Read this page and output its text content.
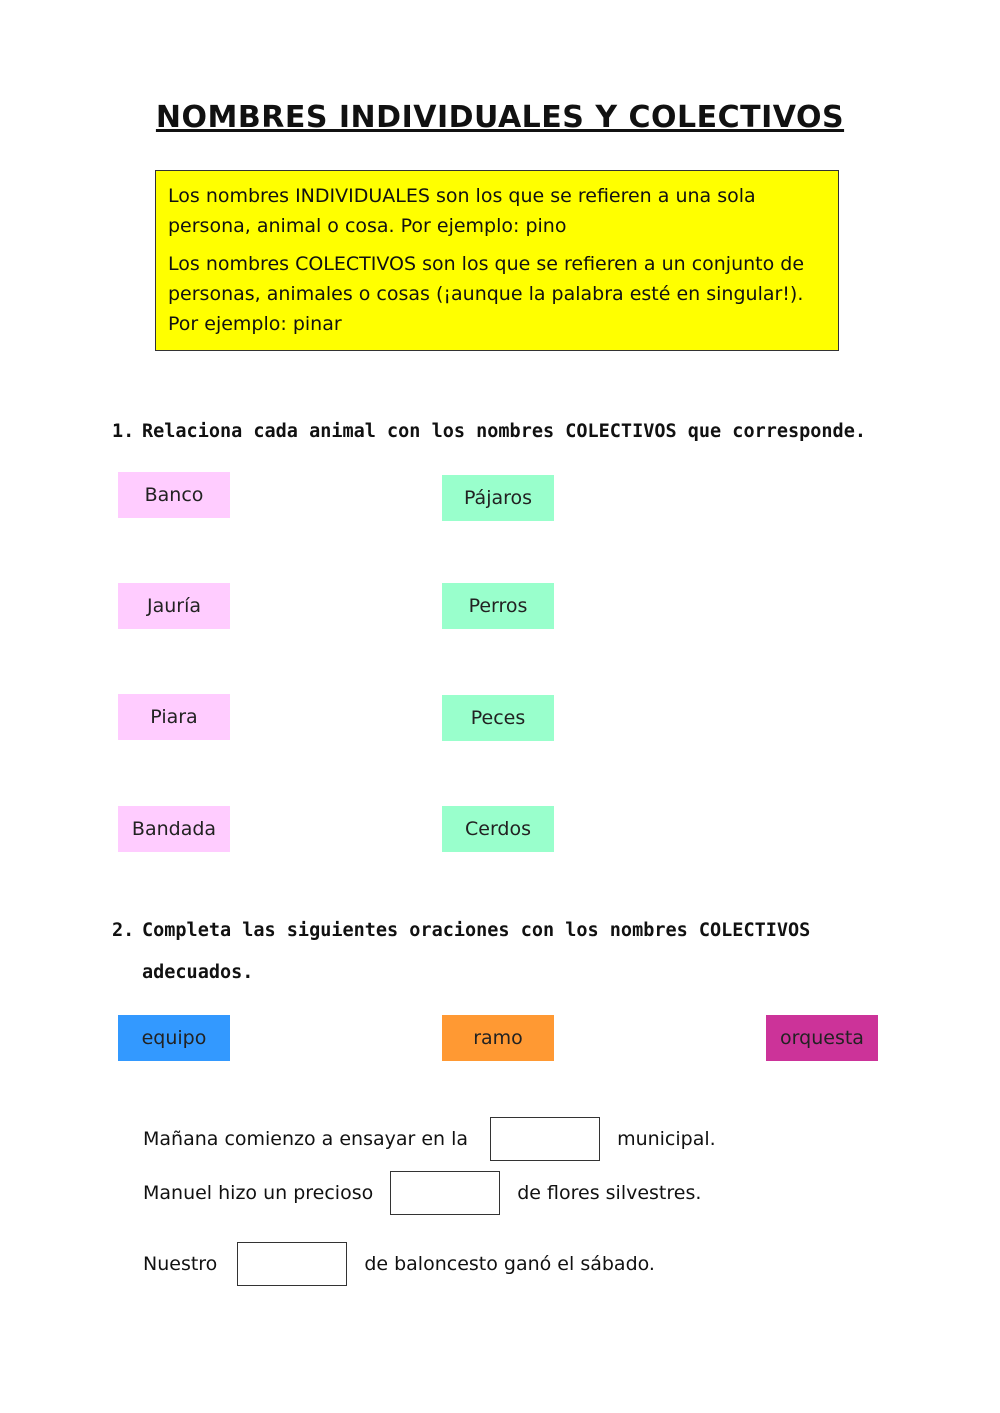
NOMBRES INDIVIDUALES Y COLECTIVOS

Los nombres INDIVIDUALES son los que se refieren a una sola persona, animal o cosa. Por ejemplo: pino

Los nombres COLECTIVOS son los que se refieren a un conjunto de personas, animales o cosas (¡aunque la palabra esté en singular!). Por ejemplo: pinar

1. Relaciona cada animal con los nombres COLECTIVOS que corresponde.
Banco
Jauría
Piara
Bandada
Pájaros
Perros
Peces
Cerdos
2. Completa las siguientes oraciones con los nombres COLECTIVOS
adecuados.
equipo	ramo	orquesta
Mañana comienzo a ensayar en la	municipal.
Manuel hizo un precioso	de flores silvestres.
Nuestro	de baloncesto ganó el sábado.
